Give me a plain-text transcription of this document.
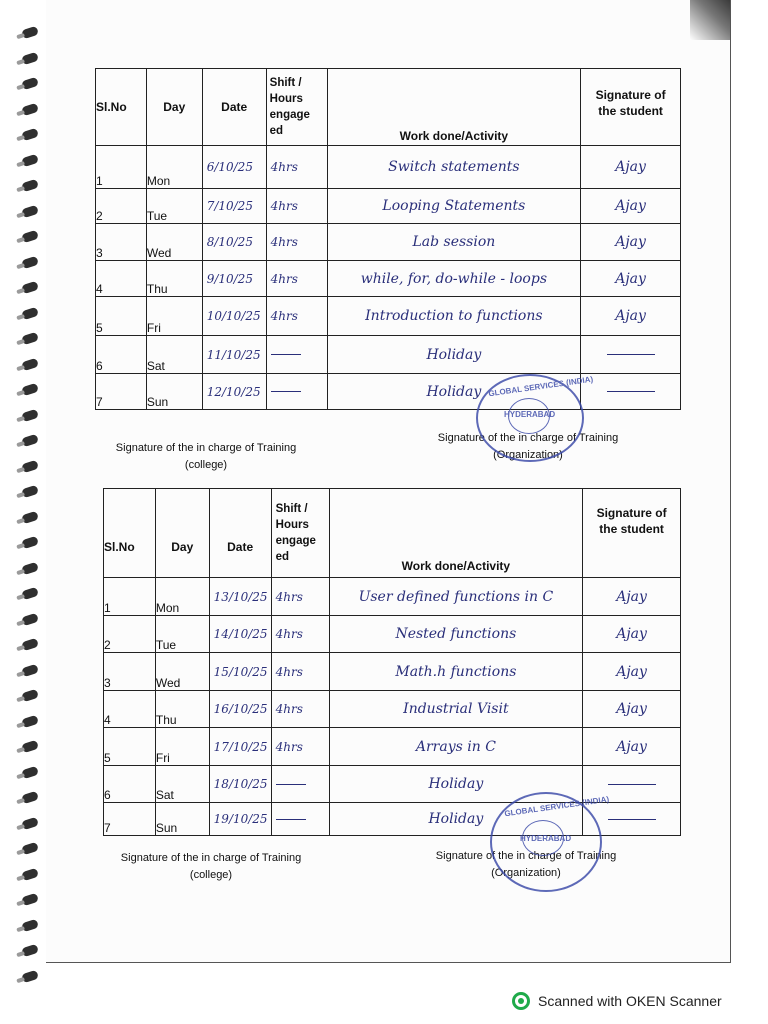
Sl.No	Day	Date	Shift / Hours engage ed	Work done/Activity	Signature of the student
1	Mon	6/10/25	4hrs	Switch statements	Ajay
2	Tue	7/10/25	4hrs	Looping Statements	Ajay
3	Wed	8/10/25	4hrs	Lab session	Ajay
4	Thu	9/10/25	4hrs	while, for, do-while - loops	Ajay
5	Fri	10/10/25	4hrs	Introduction to functions	Ajay
6	Sat	11/10/25		Holiday	
7	Sun	12/10/25		Holiday	
Signature of the in charge of Training
(college)
Signature of the in charge of Training
(Organization)
GLOBAL SERVICES (INDIA)
HYDERABAD
Sl.No	Day	Date	Shift / Hours engage ed	Work done/Activity	Signature of the student
1	Mon	13/10/25	4hrs	User defined functions in C	Ajay
2	Tue	14/10/25	4hrs	Nested functions	Ajay
3	Wed	15/10/25	4hrs	Math.h functions	Ajay
4	Thu	16/10/25	4hrs	Industrial Visit	Ajay
5	Fri	17/10/25	4hrs	Arrays in C	Ajay
6	Sat	18/10/25		Holiday	
7	Sun	19/10/25		Holiday	
Signature of the in charge of Training
(college)
Signature of the in charge of Training
(Organization)
GLOBAL SERVICES (INDIA)
HYDERABAD
Scanned with OKEN Scanner
